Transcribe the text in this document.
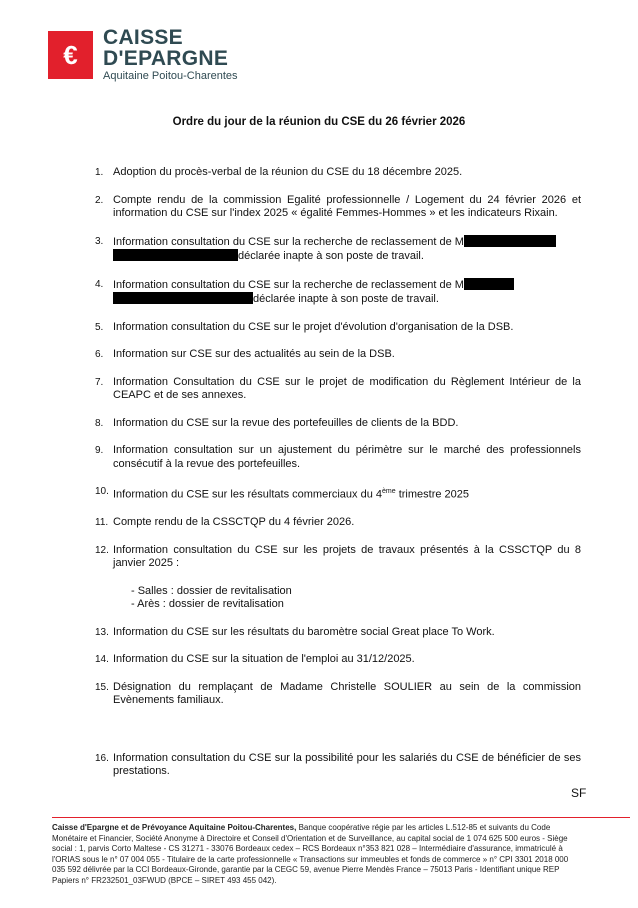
€
CAISSE
D'EPARGNE
Aquitaine Poitou-Charentes
Ordre du jour de la réunion du CSE du 26 février 2026
1. Adoption du procès-verbal de la réunion du CSE du 18 décembre 2025.
2. Compte rendu de la commission Egalité professionnelle / Logement du 24 février 2026 et information du CSE sur l'index 2025 « égalité Femmes-Hommes » et les indicateurs Rixain.
3. Information consultation du CSE sur la recherche de reclassement de M
déclarée inapte à son poste de travail.
4. Information consultation du CSE sur la recherche de reclassement de M
déclarée inapte à son poste de travail.
5. Information consultation du CSE sur le projet d'évolution d'organisation de la DSB.
6. Information sur CSE sur des actualités au sein de la DSB.
7. Information Consultation du CSE sur le projet de modification du Règlement Intérieur de la CEAPC et de ses annexes.
8. Information du CSE sur la revue des portefeuilles de clients de la BDD.
9. Information consultation sur un ajustement du périmètre sur le marché des professionnels consécutif à la revue des portefeuilles.
10. Information du CSE sur les résultats commerciaux du 4ème trimestre 2025
11. Compte rendu de la CSSCTQP du 4 février 2026.
12. Information consultation du CSE sur les projets de travaux présentés à la CSSCTQP du 8 janvier 2025 :
- Salles : dossier de revitalisation
- Arès : dossier de revitalisation
13. Information du CSE sur les résultats du baromètre social Great place To Work.
14. Information du CSE sur la situation de l'emploi au 31/12/2025.
15. Désignation du remplaçant de Madame Christelle SOULIER au sein de la commission Evènements familiaux.
16. Information consultation du CSE sur la possibilité pour les salariés du CSE de bénéficier de ses prestations.
SF
Caisse d'Epargne et de Prévoyance Aquitaine Poitou-Charentes, Banque coopérative régie par les articles L.512-85 et suivants du Code Monétaire et Financier, Société Anonyme à Directoire et Conseil d'Orientation et de Surveillance, au capital social de 1 074 625 500 euros - Siège social : 1, parvis Corto Maltese - CS 31271 - 33076 Bordeaux cedex – RCS Bordeaux n°353 821 028 – Intermédiaire d'assurance, immatriculé à l'ORIAS sous le n° 07 004 055 - Titulaire de la carte professionnelle « Transactions sur immeubles et fonds de commerce » n° CPI 3301 2018 000 035 592 délivrée par la CCI Bordeaux-Gironde, garantie par la CEGC 59, avenue Pierre Mendès France – 75013 Paris - Identifiant unique REP Papiers n° FR232501_03FWUD (BPCE – SIRET 493 455 042).
